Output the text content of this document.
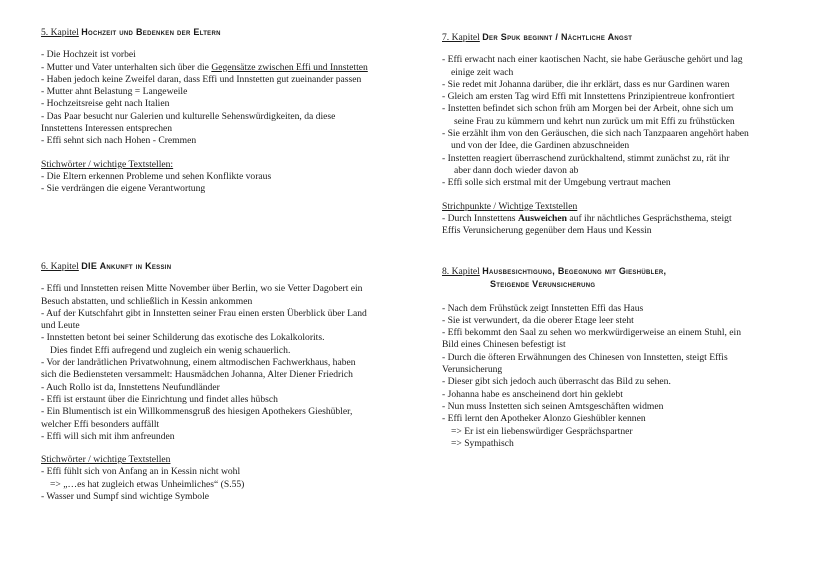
5. Kapitel Hochzeit und Bedenken der Eltern
- Die Hochzeit ist vorbei
- Mutter und Vater unterhalten sich über die Gegensätze zwischen Effi und Innstetten
- Haben jedoch keine Zweifel daran, dass Effi und Innstetten gut zueinander passen
- Mutter ahnt Belastung = Langeweile
- Hochzeitsreise geht nach Italien
- Das Paar besucht nur Galerien und kulturelle Sehenswürdigkeiten, da diese
Innstettens Interessen entsprechen
- Effi sehnt sich nach Hohen - Cremmen
Stichwörter / wichtige Textstellen:
- Die Eltern erkennen Probleme und sehen Konflikte voraus
- Sie verdrängen die eigene Verantwortung
6. Kapitel DIE Ankunft in Kessin
- Effi und Innstetten reisen Mitte November über Berlin, wo sie Vetter Dagobert ein
Besuch abstatten, und schließlich in Kessin ankommen
- Auf der Kutschfahrt gibt in Innstetten seiner Frau einen ersten Überblick über Land
und Leute
- Innstetten betont bei seiner Schilderung das exotische des Lokalkolorits.
Dies findet Effi aufregend und zugleich ein wenig schauerlich.
- Vor der landrätlichen Privatwohnung, einem altmodischen Fachwerkhaus, haben
sich die Bediensteten versammelt: Hausmädchen Johanna, Alter Diener Friedrich
- Auch Rollo ist da, Innstettens Neufundländer
- Effi ist erstaunt über die Einrichtung und findet alles hübsch
- Ein Blumentisch ist ein Willkommensgruß des hiesigen Apothekers Gieshübler,
welcher Effi besonders auffällt
- Effi will sich mit ihm anfreunden
Stichwörter / wichtige Textstellen
- Effi fühlt sich von Anfang an in Kessin nicht wohl
=> „…es hat zugleich etwas Unheimliches“ (S.55)
- Wasser und Sumpf sind wichtige Symbole
7. Kapitel Der Spuk beginnt / Nächtliche Angst
- Effi erwacht nach einer kaotischen Nacht, sie habe Geräusche gehört und lag
einige zeit wach
- Sie redet mit Johanna darüber, die ihr erklärt, dass es nur Gardinen waren
- Gleich am ersten Tag wird Effi mit Innstettens Prinzipientreue konfrontiert
- Instetten befindet sich schon früh am Morgen bei der Arbeit, ohne sich um
seine Frau zu kümmern und kehrt nun zurück um mit Effi zu frühstücken
- Sie erzählt ihm von den Geräuschen, die sich nach Tanzpaaren angehört haben
und von der Idee, die Gardinen abzuschneiden
- Instetten reagiert überraschend zurückhaltend, stimmt zunächst zu, rät ihr
aber dann doch wieder davon ab
- Effi solle sich erstmal mit der Umgebung vertraut machen
Strichpunkte / Wichtige Textstellen
- Durch Innstettens Ausweichen auf ihr nächtliches Gesprächsthema, steigt
Effis Verunsicherung gegenüber dem Haus und Kessin
8. Kapitel Hausbesichtigung, Begegnung mit Gieshübler,
Steigende Verunsicherung
- Nach dem Frühstück zeigt Innstetten Effi das Haus
- Sie ist verwundert, da die oberer Etage leer steht
- Effi bekommt den Saal zu sehen wo merkwürdigerweise an einem Stuhl, ein
Bild eines Chinesen befestigt ist
- Durch die öfteren Erwähnungen des Chinesen von Innstetten, steigt Effis
Verunsicherung
- Dieser gibt sich jedoch auch überrascht das Bild zu sehen.
- Johanna habe es anscheinend dort hin geklebt
- Nun muss Instetten sich seinen Amtsgeschäften widmen
- Effi lernt den Apotheker Alonzo Gieshübler kennen
=> Er ist ein liebenswürdiger Gesprächspartner
=> Sympathisch
